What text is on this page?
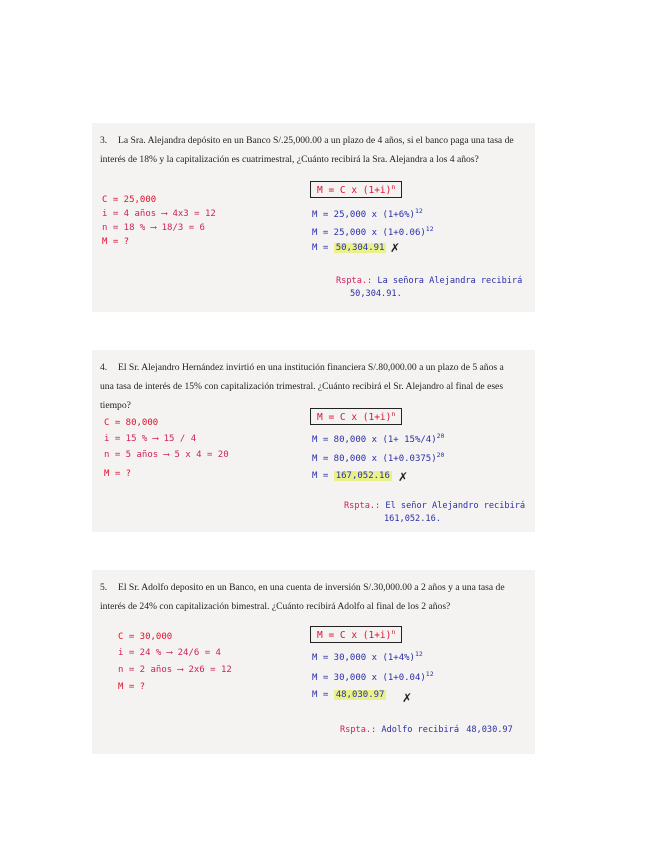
3. La Sra. Alejandra depósito en un Banco S/.25,000.00 a un plazo de 4 años, si el banco paga una tasa de interés de 18% y la capitalización es cuatrimestral, ¿Cuánto recibirá la Sra. Alejandra a los 4 años?

C = 25,000
i = 4 años ⟶ 4x3 = 12
n = 18 % ⟶ 18/3 = 6
M = ?
M = C x $(1+i)^n$
M = 25,000 x $(1+6\%)^{12}$
M = 25,000 x $(1+0.06)^{12}$
M = 50,304.91 ✗
Rspta.: La señora Alejandra recibirá
50,304.91.

4. El Sr. Alejandro Hernández invirtió en una institución financiera S/.80,000.00 a un plazo de 5 años a una tasa de interés de 15% con capitalización trimestral. ¿Cuánto recibirá el Sr. Alejandro al final de eses tiempo?

C = 80,000
i = 15 % ⟶ 15 / 4
n = 5 años ⟶ 5 x 4 = 20
M = ?
M = C x $(1+i)^n$
M = 80,000 x $(1+ 15\%/4)^{20}$
M = 80,000 x $(1+0.0375)^{20}$
M = 167,052.16 ✗
Rspta.: El señor Alejandro recibirá
161,052.16.

5. El Sr. Adolfo deposito en un Banco, en una cuenta de inversión S/.30,000.00 a 2 años y a una tasa de interés de 24% con capitalización bimestral. ¿Cuánto recibirá Adolfo al final de los 2 años?

C = 30,000
i = 24 % ⟶ 24/6 = 4
n = 2 años ⟶ 2x6 = 12
M = ?
M = C x $(1+i)^n$
M = 30,000 x $(1+4\%)^{12}$
M = 30,000 x $(1+0.04)^{12}$
M = 48,030.97 ✗
Rspta.: Adolfo recibirá 48,030.97
